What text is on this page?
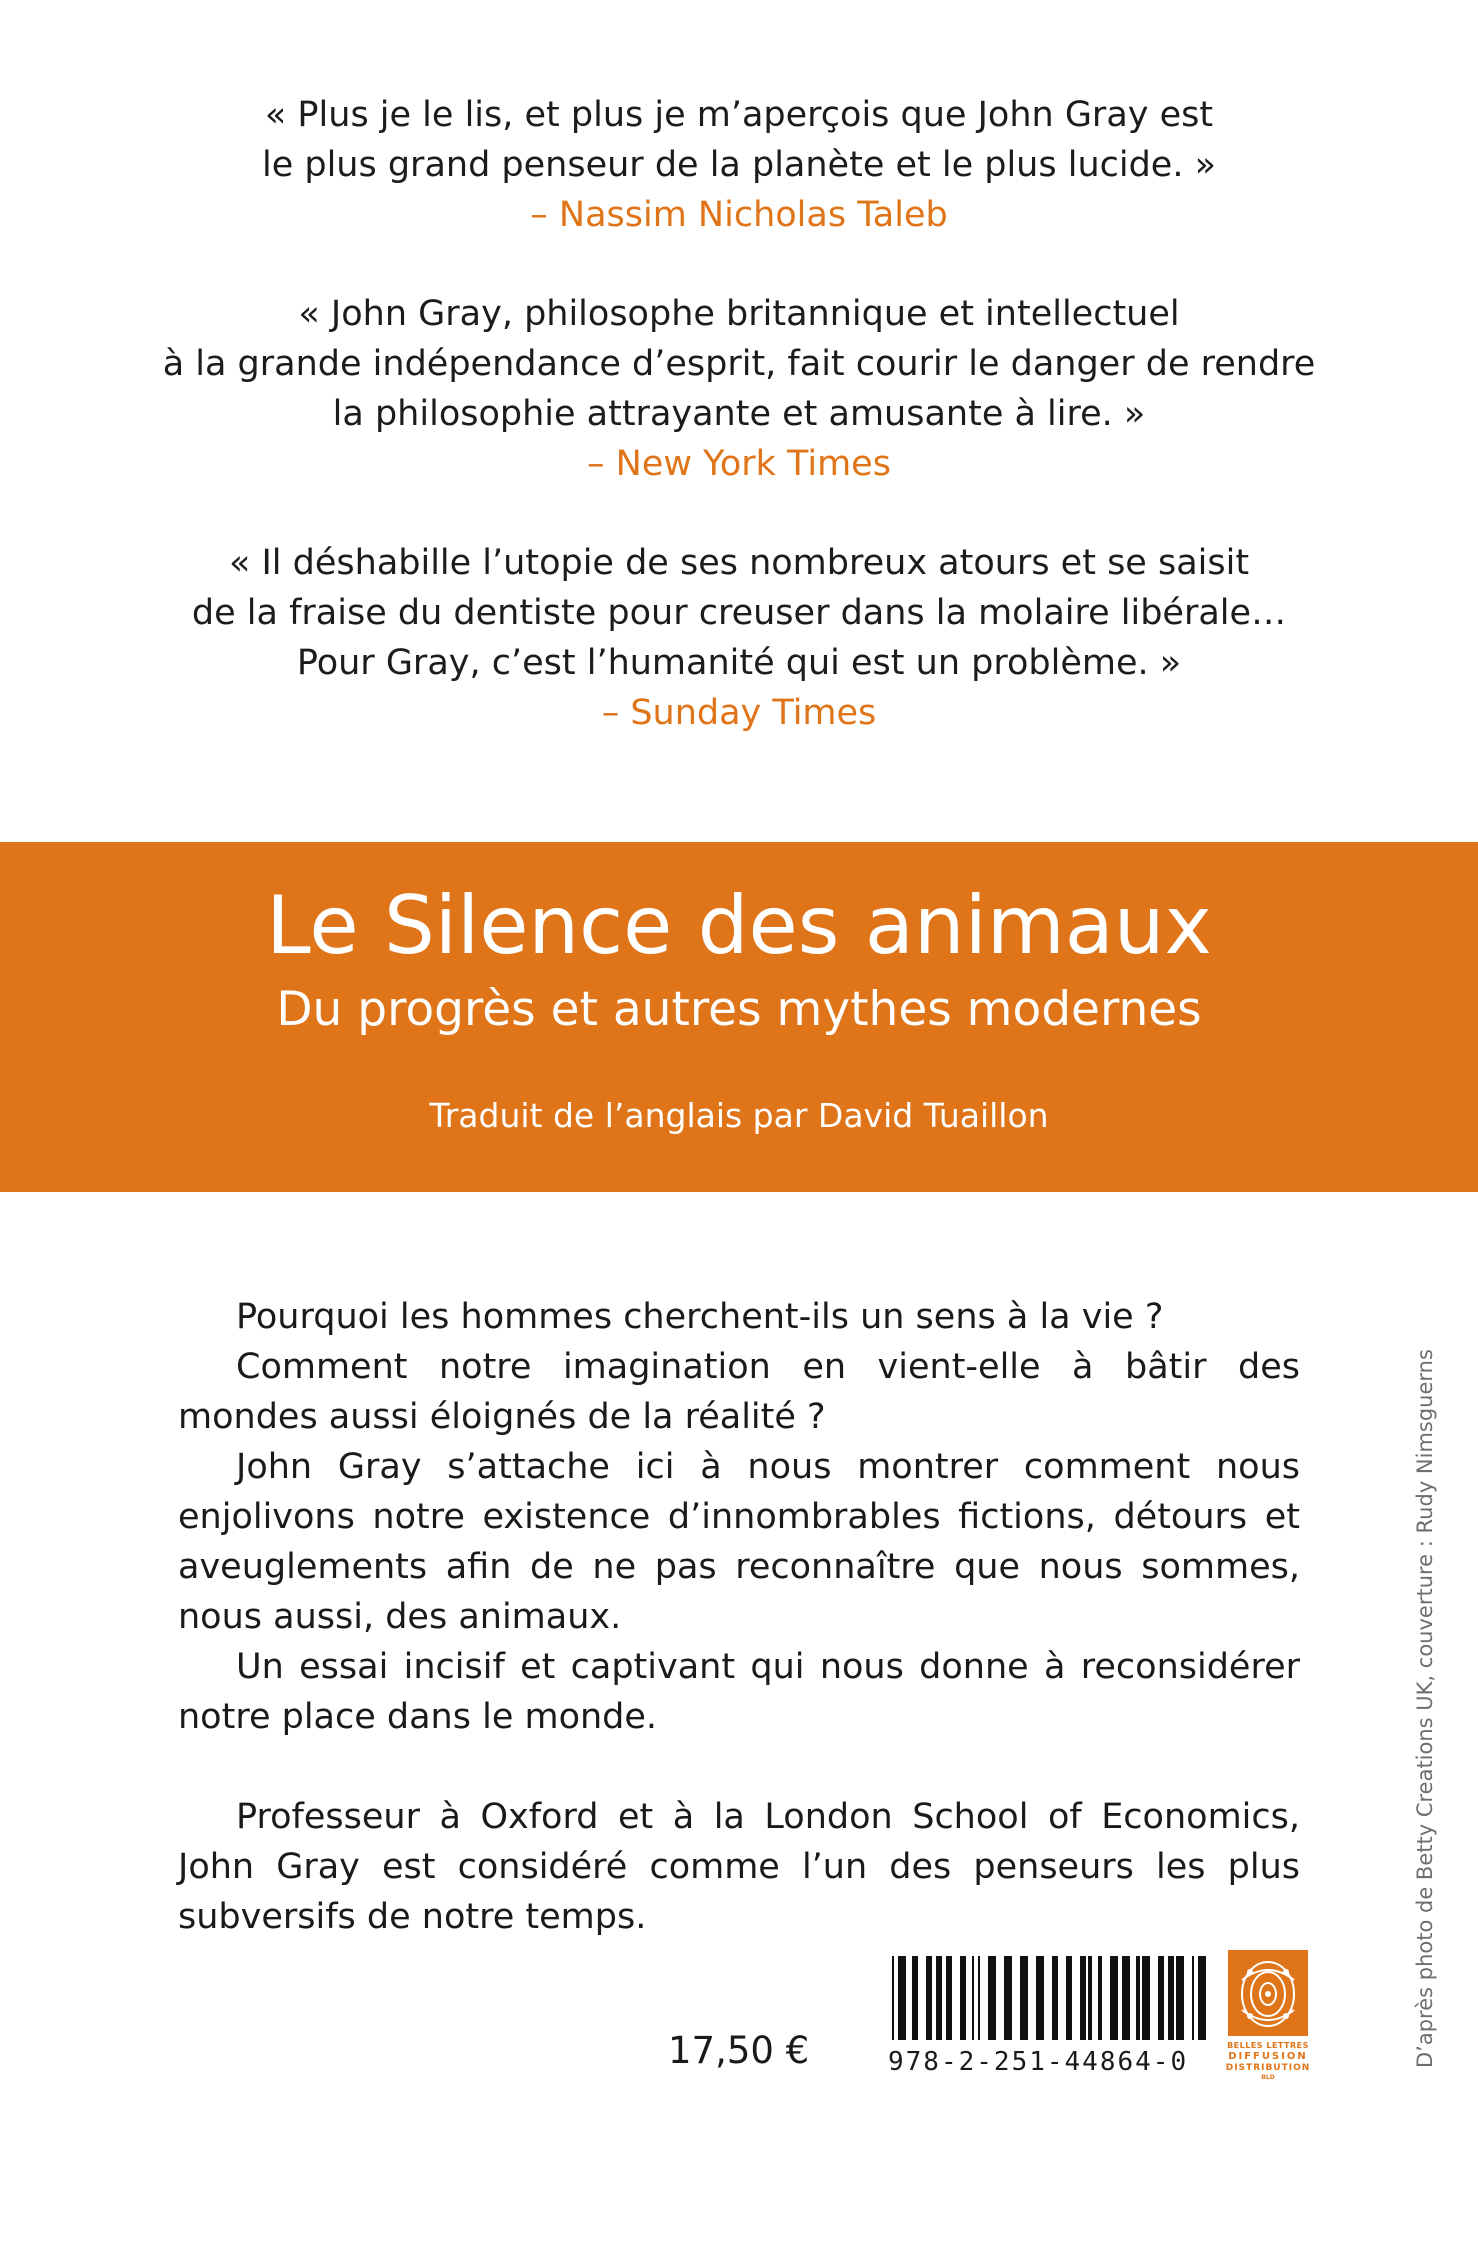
« Plus je le lis, et plus je m’aperçois que John Gray est
le plus grand penseur de la planète et le plus lucide. »
– Nassim Nicholas Taleb
« John Gray, philosophe britannique et intellectuel
à la grande indépendance d’esprit, fait courir le danger de rendre
la philosophie attrayante et amusante à lire. »
– New York Times
« Il déshabille l’utopie de ses nombreux atours et se saisit
de la fraise du dentiste pour creuser dans la molaire libérale…
Pour Gray, c’est l’humanité qui est un problème. »
– Sunday Times
Le Silence des animaux
Du progrès et autres mythes modernes
Traduit de l’anglais par David Tuaillon

Pourquoi les hommes cherchent-ils un sens à la vie ?

Comment notre imagination en vient-elle à bâtir des mondes aussi éloignés de la réalité ?

John Gray s’attache ici à nous montrer comment nous enjolivons notre existence d’innombrables fictions, détours et aveuglements afin de ne pas reconnaître que nous sommes, nous aussi, des animaux.

Un essai incisif et captivant qui nous donne à reconsidérer notre place dans le monde.

Professeur à Oxford et à la London School of Economics, John Gray est considéré comme l’un des penseurs les plus subversifs de notre temps.	D’après photo de Betty Creations UK, couverture : Rudy Nimsguerns
17,50 €	978-2-251-44864-0
BELLES LETTRES
DIFFUSION
DISTRIBUTION
BLD
